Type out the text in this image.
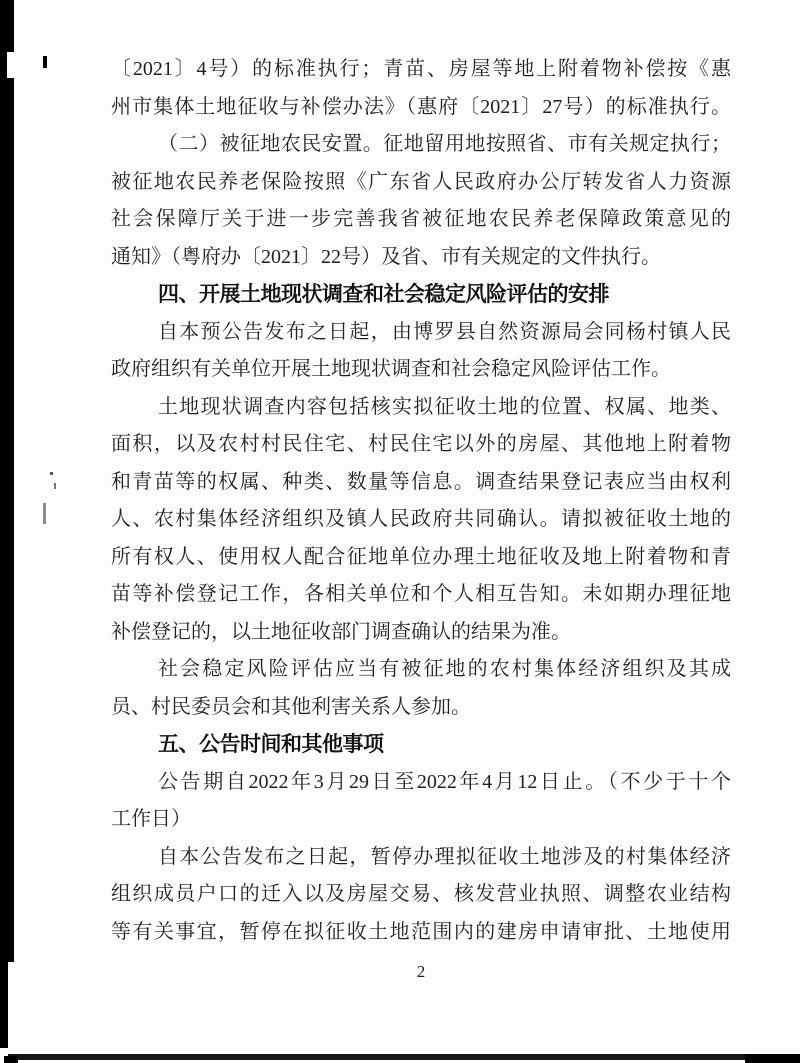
〔2021〕4号）的标准执行；青苗、房屋等地上附着物补偿按《惠
州市集体土地征收与补偿办法》（惠府〔2021〕27号）的标准执行。
（二）被征地农民安置。征地留用地按照省、市有关规定执行；
被征地农民养老保险按照《广东省人民政府办公厅转发省人力资源
社会保障厅关于进一步完善我省被征地农民养老保障政策意见的
通知》（粤府办〔2021〕22号）及省、市有关规定的文件执行。
四、开展土地现状调查和社会稳定风险评估的安排
自本预公告发布之日起，由博罗县自然资源局会同杨村镇人民
政府组织有关单位开展土地现状调查和社会稳定风险评估工作。
土地现状调查内容包括核实拟征收土地的位置、权属、地类、
面积，以及农村村民住宅、村民住宅以外的房屋、其他地上附着物
和青苗等的权属、种类、数量等信息。调查结果登记表应当由权利
人、农村集体经济组织及镇人民政府共同确认。请拟被征收土地的
所有权人、使用权人配合征地单位办理土地征收及地上附着物和青
苗等补偿登记工作，各相关单位和个人相互告知。未如期办理征地
补偿登记的，以土地征收部门调查确认的结果为准。
社会稳定风险评估应当有被征地的农村集体经济组织及其成
员、村民委员会和其他利害关系人参加。
五、公告时间和其他事项
公告期自2022年3月29日至2022年4月12日止。（不少于十个
工作日）
自本公告发布之日起，暂停办理拟征收土地涉及的村集体经济
组织成员户口的迁入以及房屋交易、核发营业执照、调整农业结构
等有关事宜，暂停在拟征收土地范围内的建房申请审批、土地使用
2
